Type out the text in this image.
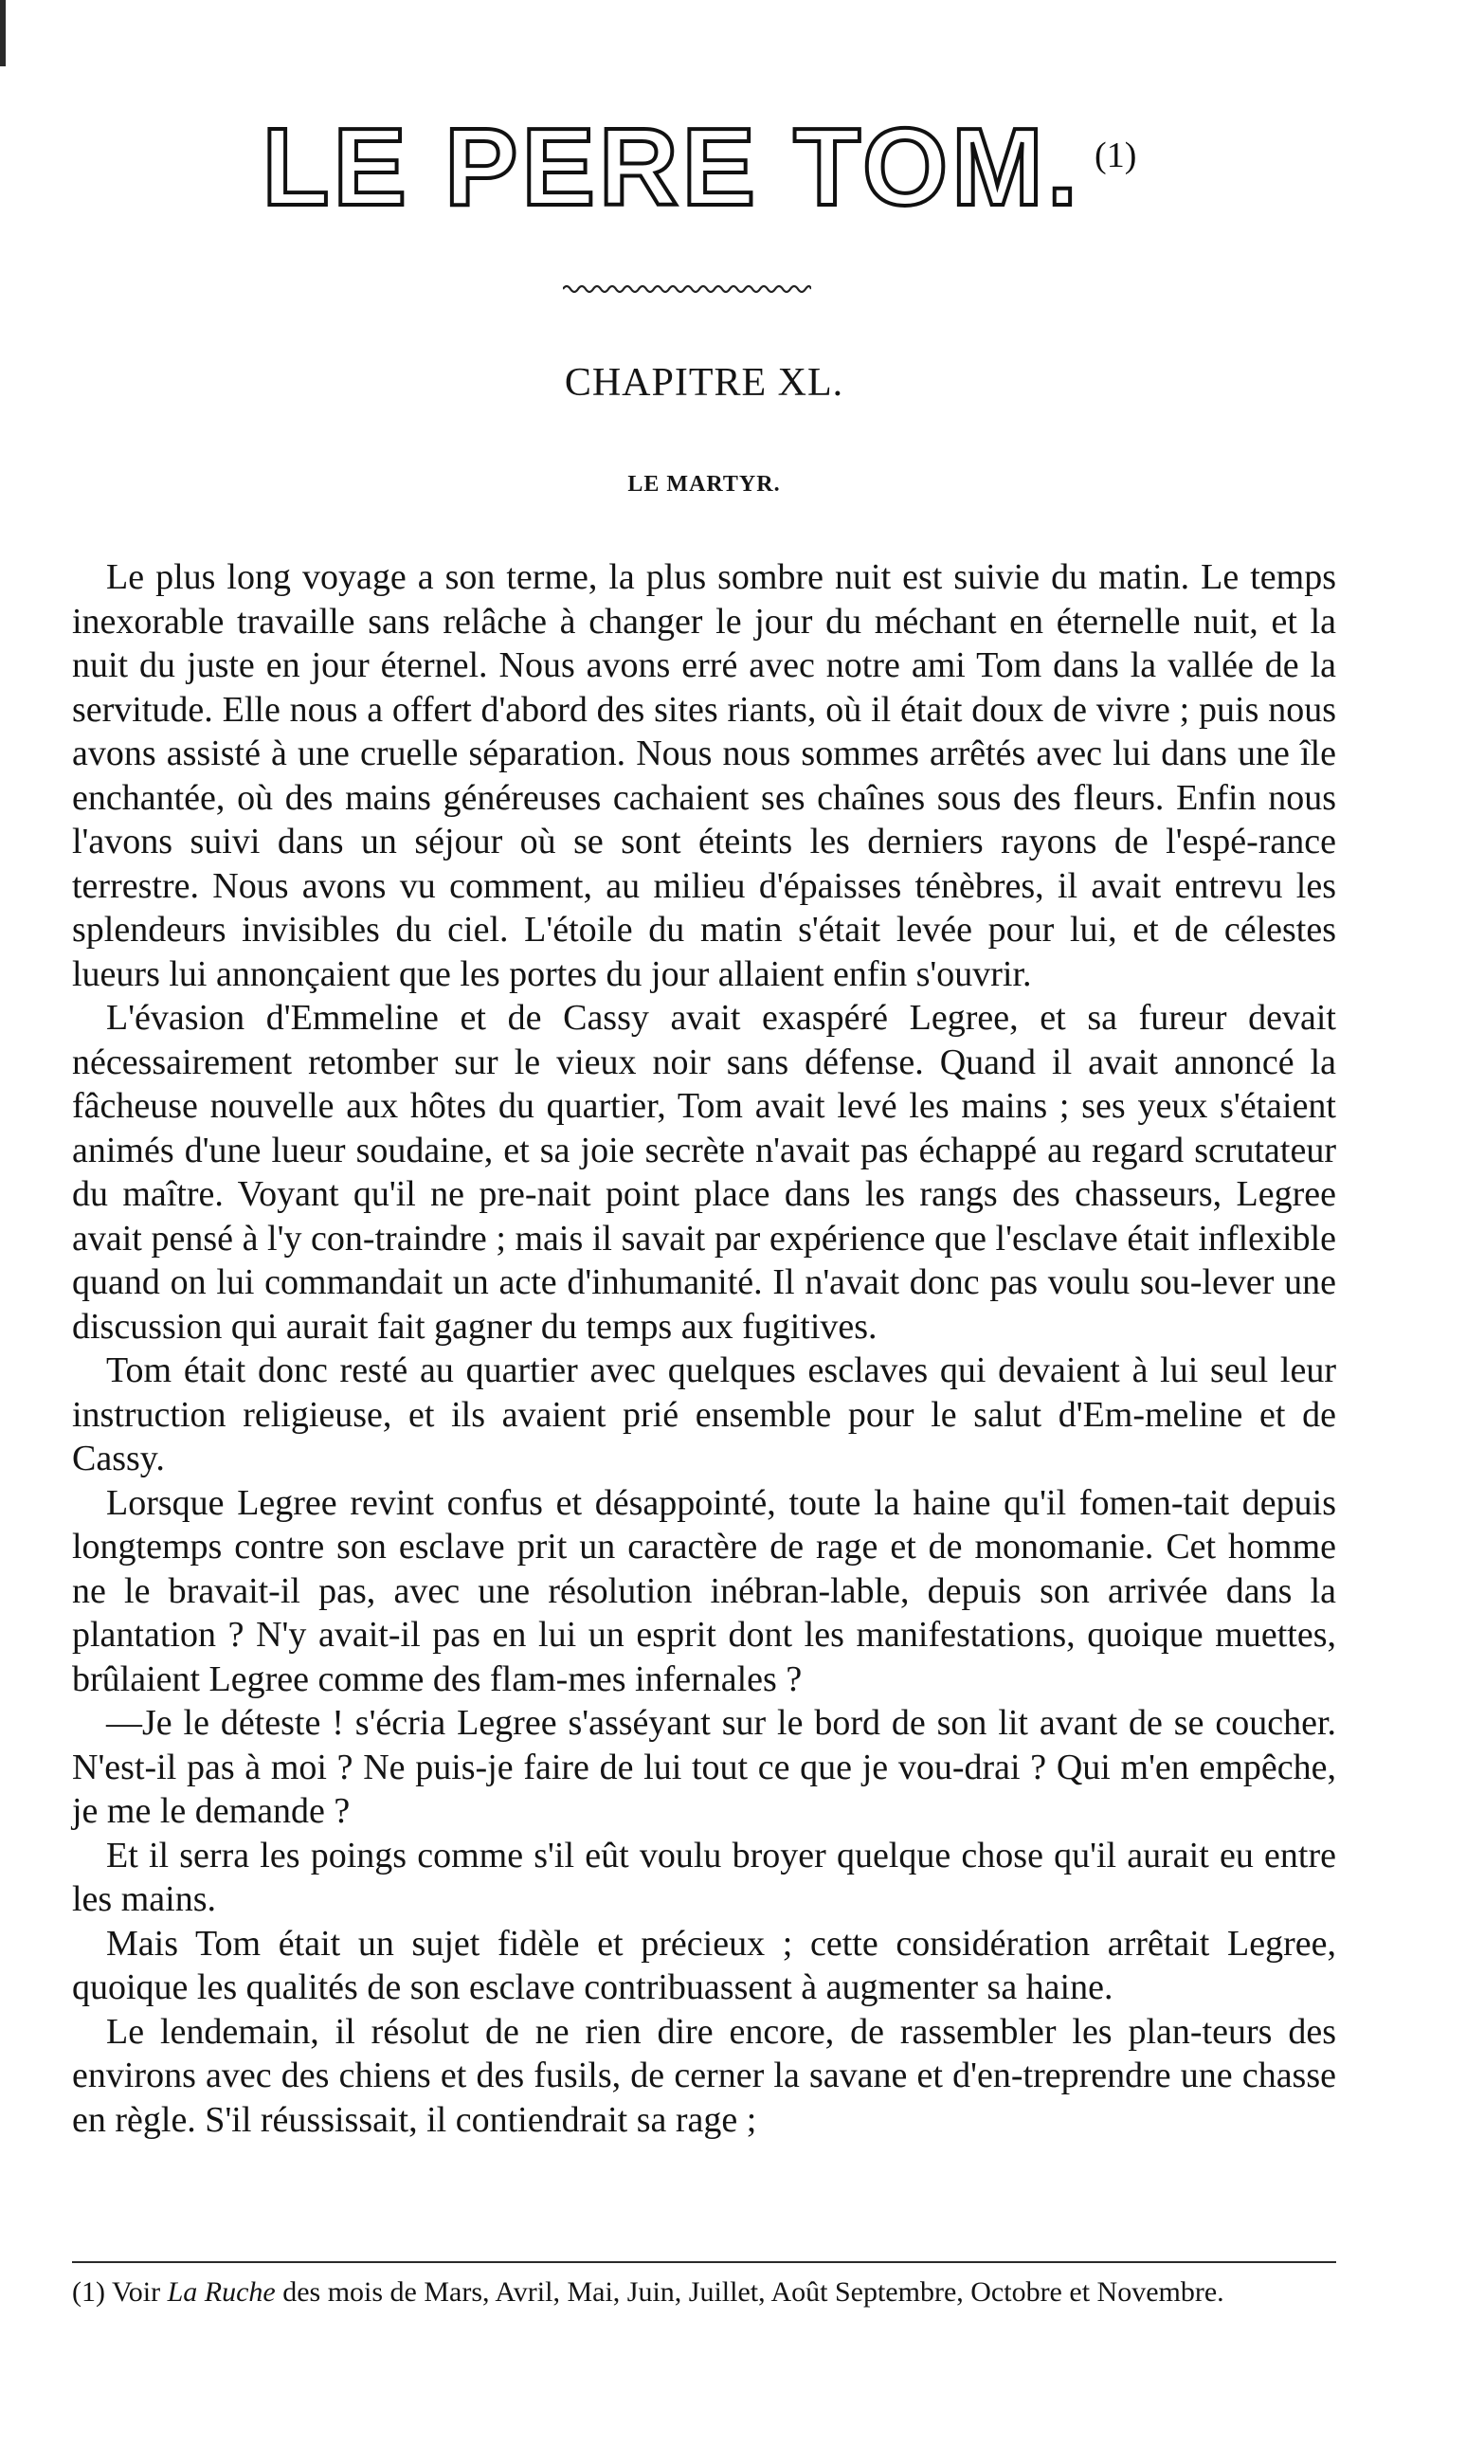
LE PERE TOM. $^{(1)}$
CHAPITRE XL.
LE MARTYR.

Le plus long voyage a son terme, la plus sombre nuit est suivie du matin. Le temps inexorable travaille sans relâche à changer le jour du méchant en éternelle nuit, et la nuit du juste en jour éternel. Nous avons erré avec notre ami Tom dans la vallée de la servitude. Elle nous a offert d'abord des sites riants, où il était doux de vivre ; puis nous avons assisté à une cruelle séparation. Nous nous sommes arrêtés avec lui dans une île enchantée, où des mains généreuses cachaient ses chaînes sous des fleurs. Enfin nous l'avons suivi dans un séjour où se sont éteints les derniers rayons de l'espé-rance terrestre. Nous avons vu comment, au milieu d'épaisses ténèbres, il avait entrevu les splendeurs invisibles du ciel. L'étoile du matin s'était levée pour lui, et de célestes lueurs lui annonçaient que les portes du jour allaient enfin s'ouvrir.

L'évasion d'Emmeline et de Cassy avait exaspéré Legree, et sa fureur devait nécessairement retomber sur le vieux noir sans défense. Quand il avait annoncé la fâcheuse nouvelle aux hôtes du quartier, Tom avait levé les mains ; ses yeux s'étaient animés d'une lueur soudaine, et sa joie secrète n'avait pas échappé au regard scrutateur du maître. Voyant qu'il ne pre-nait point place dans les rangs des chasseurs, Legree avait pensé à l'y con-traindre ; mais il savait par expérience que l'esclave était inflexible quand on lui commandait un acte d'inhumanité. Il n'avait donc pas voulu sou-lever une discussion qui aurait fait gagner du temps aux fugitives.

Tom était donc resté au quartier avec quelques esclaves qui devaient à lui seul leur instruction religieuse, et ils avaient prié ensemble pour le salut d'Em-meline et de Cassy.

Lorsque Legree revint confus et désappointé, toute la haine qu'il fomen-tait depuis longtemps contre son esclave prit un caractère de rage et de monomanie. Cet homme ne le bravait-il pas, avec une résolution inébran-lable, depuis son arrivée dans la plantation ? N'y avait-il pas en lui un esprit dont les manifestations, quoique muettes, brûlaient Legree comme des flam-mes infernales ?

—Je le déteste ! s'écria Legree s'asséyant sur le bord de son lit avant de se coucher. N'est-il pas à moi ? Ne puis-je faire de lui tout ce que je vou-drai ? Qui m'en empêche, je me le demande ?

Et il serra les poings comme s'il eût voulu broyer quelque chose qu'il aurait eu entre les mains.

Mais Tom était un sujet fidèle et précieux ; cette considération arrêtait Legree, quoique les qualités de son esclave contribuassent à augmenter sa haine.

Le lendemain, il résolut de ne rien dire encore, de rassembler les plan-teurs des environs avec des chiens et des fusils, de cerner la savane et d'en-treprendre une chasse en règle. S'il réussissait, il contiendrait sa rage ;

(1) Voir La Ruche des mois de Mars, Avril, Mai, Juin, Juillet, Août Septembre, Octobre et Novembre.
